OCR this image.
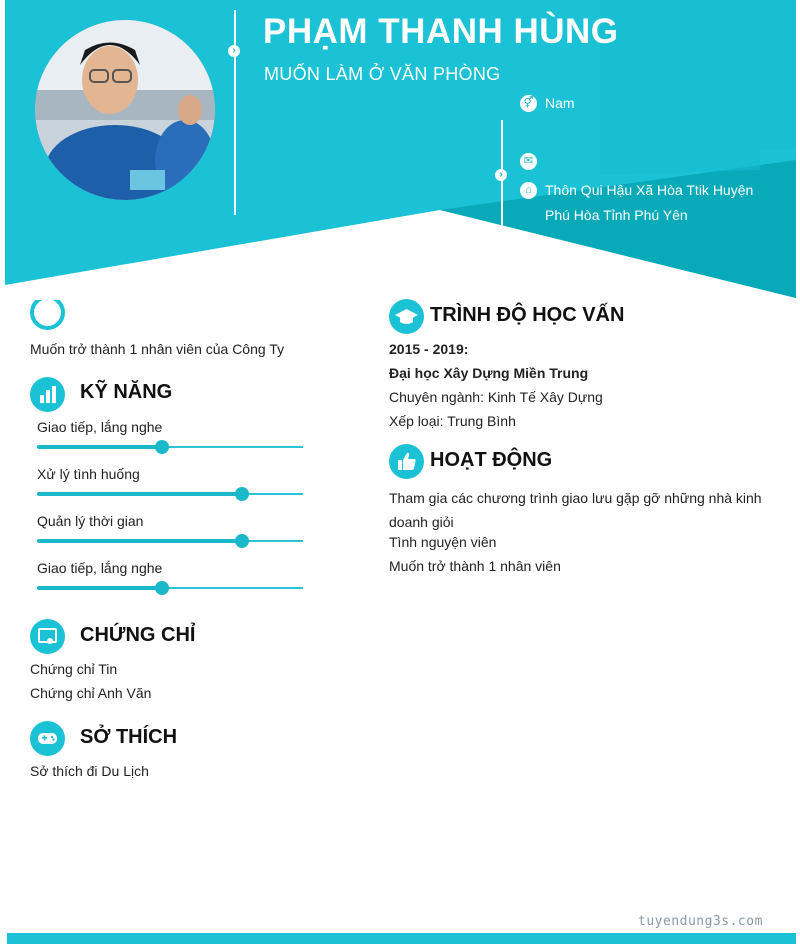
›
›
PHẠM THANH HÙNG
MUỐN LÀM Ở VĂN PHÒNG
⚥ Nam
✉
⌂ Thôn Qui Hậu Xã Hòa Ttik Huyện Phú Hòa Tỉnh Phú Yên
Muốn trở thành 1 nhân viên của Công Ty
KỸ NĂNG
Giao tiếp, lắng nghe
Xử lý tình huống
Quản lý thời gian
Giao tiếp, lắng nghe
CHỨNG CHỈ
Chứng chỉ Tin
Chứng chỉ Anh Văn
SỞ THÍCH
Sở thích đi Du Lịch
TRÌNH ĐỘ HỌC VẤN
2015 - 2019:
Đại học Xây Dựng Miền Trung
Chuyên ngành: Kinh Tế Xây Dựng
Xếp loại: Trung Bình
HOẠT ĐỘNG
Tham gia các chương trình giao lưu gặp gỡ những nhà kinh doanh giỏi
Tình nguyện viên
Muốn trở thành 1 nhân viên
tuyendung3s.com
